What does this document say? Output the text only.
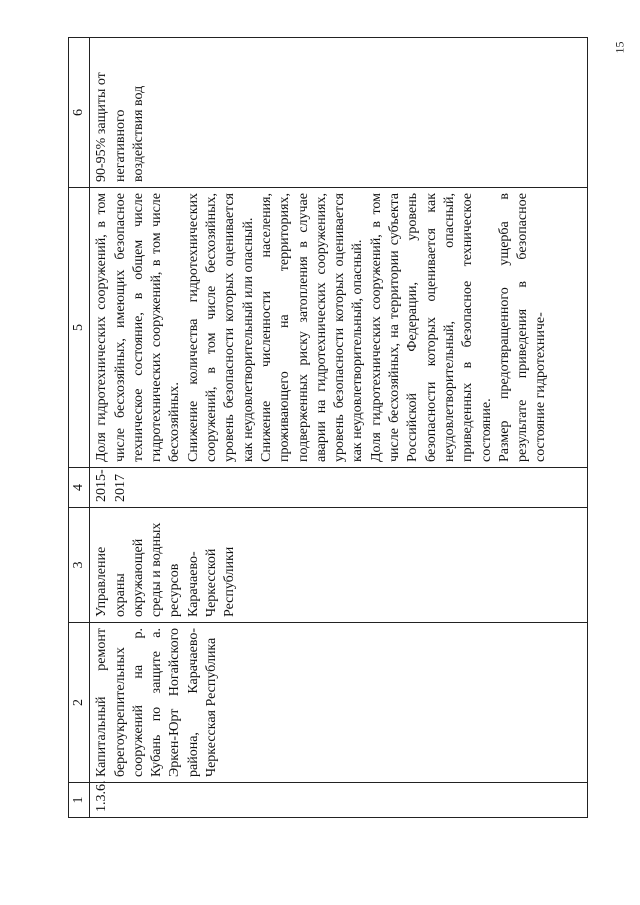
15
1	2	3	4	5	6
1.3.6.	Капитальный ремонт берегоукрепительных сооружений на р. Кубань по защите а. Эркен-Юрт Ногайского района, Карачаево-Черкесская Республика	Управление охраны окружающей среды и водных ресурсов Карачаево-Черкесской Республики	2015-2017	Доля гидротехнических сооружений, в том числе бесхозяйных, имеющих безопасное техническое состояние, в общем числе гидротехнических сооружений, в том числе бесхозяйных. Снижение количества гидротехнических сооружений, в том числе бесхозяйных, уровень безопасности которых оценивается как неудовлетворительный или опасный. Снижение численности населения, проживающего на территориях, подверженных риску затопления в случае аварии на гидротехнических сооружениях, уровень безопасности которых оценивается как неудовлетворительный, опасный. Доля гидротехнических сооружений, в том числе бесхозяйных, на территории субъекта Российской Федерации, уровень безопасности которых оценивается как неудовлетворительный, опасный, приведенных в безопасное техническое состояние. Размер предотвращенного ущерба в результате приведения в безопасное состояние гидротехниче-	90-95% защиты от негативного воздействия вод
